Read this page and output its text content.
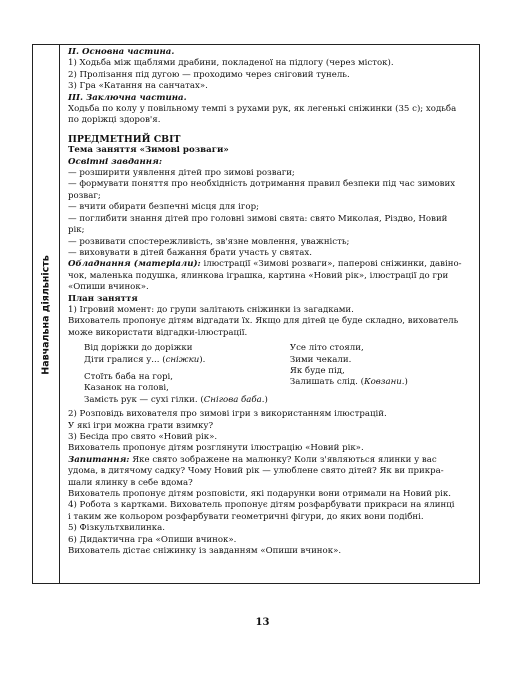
Навчальна діяльність

ІІ. Основна частина.

1) Ходьба між щаблями драбини, покладеної на підлогу (через місток).

2) Пролізання під дугою — проходимо через сніговий тунель.

3) Гра «Катання на санчатах».

ІІІ. Заключна частина.

Ходьба по колу у повільному темпі з рухами рук, як легенькі сніжинки (35 с); ходьба

по доріжці здоров'я.

ПРЕДМЕТНИЙ СВІТ

Тема заняття «Зимові розваги»

Освітні завдання:

— розширити уявлення дітей про зимові розваги;

— формувати поняття про необхідність дотримання правил безпеки під час зимових

розваг;

— вчити обирати безпечні місця для ігор;

— поглибити знання дітей про головні зимові свята: свято Миколая, Різдво, Новий

рік;

— розвивати спостережливість, зв'язне мовлення, уважність;

— виховувати в дітей бажання брати участь у святах.

Обладнання (матеріали): ілюстрації «Зимові розваги», паперові сніжинки, давіно-

чок, маленька подушка, ялинкова іграшка, картина «Новий рік», ілюстрації до гри

«Опиши вчинок».

План заняття

1) Ігровий момент: до групи залітають сніжинки із загадками.

Вихователь пропонує дітям відгадати їх. Якщо для дітей це буде складно, вихователь

може використати відгадки-ілюстрації.

Від доріжки до доріжки

Діти гралися у... (сніжки).

Стоїть баба на горі,

Казанок на голові,

Замість рук — сухі гілки. (Снігова баба.)

Усе літо стояли,

Зими чекали.

Як буде під,

Залишать слід. (Ковзани.)

2) Розповідь вихователя про зимові ігри з використанням ілюстрацій.

У які ігри можна грати взимку?

3) Бесіда про свято «Новий рік».

Вихователь пропонує дітям розглянути ілюстрацію «Новий рік».

Запитання: Яке свято зображене на малюнку? Коли з'являються ялинки у вас

удома, в дитячому садку? Чому Новий рік — улюблене свято дітей? Як ви прикра-

шали ялинку в себе вдома?

Вихователь пропонує дітям розповісти, які подарунки вони отримали на Новий рік.

4) Робота з картками. Вихователь пропонує дітям розфарбувати прикраси на ялинці

і таким же кольором розфарбувати геометричні фігури, до яких вони подібні.

5) Фізкультхвилинка.

6) Дидактична гра «Опиши вчинок».

Вихователь дістає сніжинку із завданням «Опиши вчинок».

13
